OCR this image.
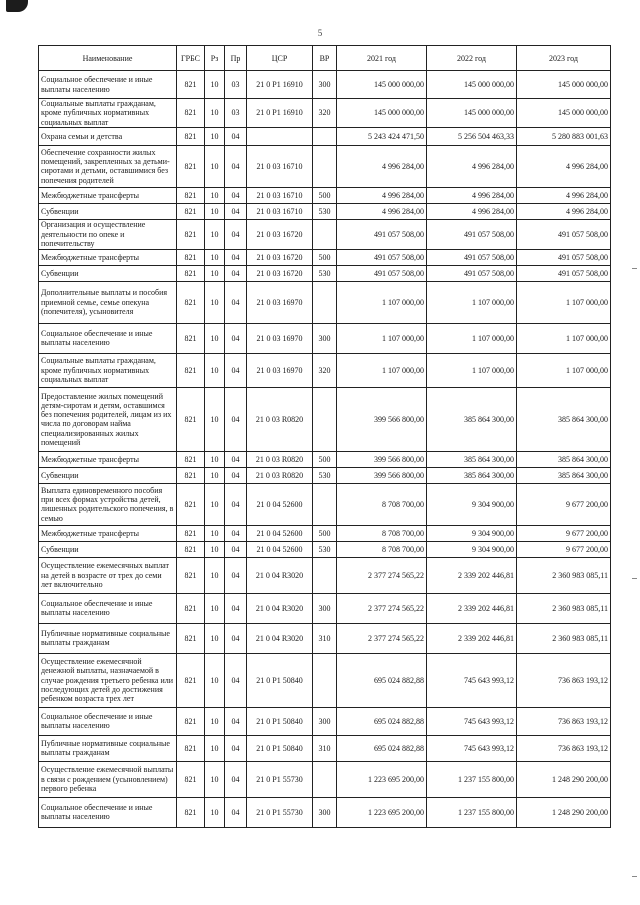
5
Наименование	ГРБС	Рз	Пр	ЦСР	ВР	2021 год	2022 год	2023 год
Социальное обеспечение и иные выплаты населению	821	10	03	21 0 P1 16910	300	145 000 000,00	145 000 000,00	145 000 000,00
Социальные выплаты гражданам, кроме публичных нормативных социальных выплат	821	10	03	21 0 P1 16910	320	145 000 000,00	145 000 000,00	145 000 000,00
Охрана семьи и детства	821	10	04			5 243 424 471,50	5 256 504 463,33	5 280 883 001,63
Обеспечение сохранности жилых помещений, закрепленных за детьми-сиротами и детьми, оставшимися без попечения родителей	821	10	04	21 0 03 16710		4 996 284,00	4 996 284,00	4 996 284,00
Межбюджетные трансферты	821	10	04	21 0 03 16710	500	4 996 284,00	4 996 284,00	4 996 284,00
Субвенции	821	10	04	21 0 03 16710	530	4 996 284,00	4 996 284,00	4 996 284,00
Организация и осуществление деятельности по опеке и попечительству	821	10	04	21 0 03 16720		491 057 508,00	491 057 508,00	491 057 508,00
Межбюджетные трансферты	821	10	04	21 0 03 16720	500	491 057 508,00	491 057 508,00	491 057 508,00
Субвенции	821	10	04	21 0 03 16720	530	491 057 508,00	491 057 508,00	491 057 508,00
Дополнительные выплаты и пособия приемной семье, семье опекуна (попечителя), усыновителя	821	10	04	21 0 03 16970		1 107 000,00	1 107 000,00	1 107 000,00
Социальное обеспечение и иные выплаты населению	821	10	04	21 0 03 16970	300	1 107 000,00	1 107 000,00	1 107 000,00
Социальные выплаты гражданам, кроме публичных нормативных социальных выплат	821	10	04	21 0 03 16970	320	1 107 000,00	1 107 000,00	1 107 000,00
Предоставление жилых помещений детям-сиротам и детям, оставшимся без попечения родителей, лицам из их числа по договорам найма специализированных жилых помещений	821	10	04	21 0 03 R0820		399 566 800,00	385 864 300,00	385 864 300,00
Межбюджетные трансферты	821	10	04	21 0 03 R0820	500	399 566 800,00	385 864 300,00	385 864 300,00
Субвенции	821	10	04	21 0 03 R0820	530	399 566 800,00	385 864 300,00	385 864 300,00
Выплата единовременного пособия при всех формах устройства детей, лишенных родительского попечения, в семью	821	10	04	21 0 04 52600		8 708 700,00	9 304 900,00	9 677 200,00
Межбюджетные трансферты	821	10	04	21 0 04 52600	500	8 708 700,00	9 304 900,00	9 677 200,00
Субвенции	821	10	04	21 0 04 52600	530	8 708 700,00	9 304 900,00	9 677 200,00
Осуществление ежемесячных выплат на детей в возрасте от трех до семи лет включительно	821	10	04	21 0 04 R3020		2 377 274 565,22	2 339 202 446,81	2 360 983 085,11
Социальное обеспечение и иные выплаты населению	821	10	04	21 0 04 R3020	300	2 377 274 565,22	2 339 202 446,81	2 360 983 085,11
Публичные нормативные социальные выплаты гражданам	821	10	04	21 0 04 R3020	310	2 377 274 565,22	2 339 202 446,81	2 360 983 085,11
Осуществление ежемесячной денежной выплаты, назначаемой в случае рождения третьего ребенка или последующих детей до достижения ребенком возраста трех лет	821	10	04	21 0 P1 50840		695 024 882,88	745 643 993,12	736 863 193,12
Социальное обеспечение и иные выплаты населению	821	10	04	21 0 P1 50840	300	695 024 882,88	745 643 993,12	736 863 193,12
Публичные нормативные социальные выплаты гражданам	821	10	04	21 0 P1 50840	310	695 024 882,88	745 643 993,12	736 863 193,12
Осуществление ежемесячной выплаты в связи с рождением (усыновлением) первого ребенка	821	10	04	21 0 P1 55730		1 223 695 200,00	1 237 155 800,00	1 248 290 200,00
Социальное обеспечение и иные выплаты населению	821	10	04	21 0 P1 55730	300	1 223 695 200,00	1 237 155 800,00	1 248 290 200,00
